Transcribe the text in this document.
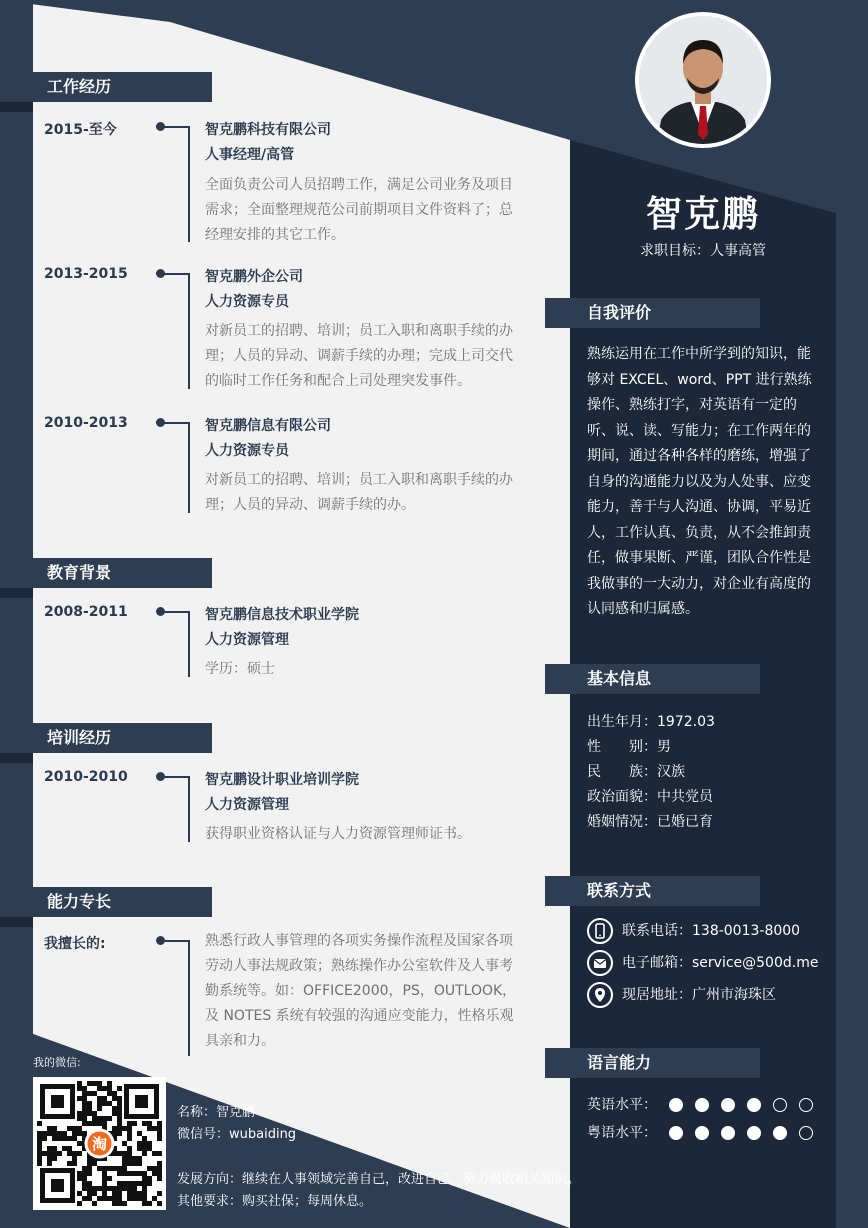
工作经历
2015-至今	智克鹏科技有限公司
人事经理/高管
全面负责公司人员招聘工作，满足公司业务及项目需求；全面整理规范公司前期项目文件资料了；总经理安排的其它工作。
2013-2015	智克鹏外企公司
人力资源专员
对新员工的招聘、培训；员工入职和离职手续的办理；人员的异动、调薪手续的办理；完成上司交代的临时工作任务和配合上司处理突发事件。
2010-2013	智克鹏信息有限公司
人力资源专员
对新员工的招聘、培训；员工入职和离职手续的办理；人员的异动、调薪手续的办。
教育背景
2008-2011	智克鹏信息技术职业学院
人力资源管理
学历：硕士
培训经历
2010-2010	智克鹏设计职业培训学院
人力资源管理
获得职业资格认证与人力资源管理师证书。
能力专长
我擅长的:	熟悉行政人事管理的各项实务操作流程及国家各项劳动人事法规政策；熟练操作办公室软件及人事考勤系统等。如：OFFICE2000，PS，OUTLOOK，及 NOTES 系统有较强的沟通应变能力，性格乐观具亲和力。
智克鹏
求职目标：人事高管
自我评价
熟练运用在工作中所学到的知识，能够对 EXCEL、word、PPT 进行熟练操作、熟练打字，对英语有一定的听、说、读、写能力；在工作两年的期间，通过各种各样的磨练，增强了自身的沟通能力以及为人处事、应变能力，善于与人沟通、协调，平易近人，工作认真、负责，从不会推卸责任，做事果断、严谨，团队合作性是我做事的一大动力，对企业有高度的认同感和归属感。
基本信息
出生年月：1972.03
性　　别：男
民　　族：汉族
政治面貌：中共党员
婚姻情况：已婚已育
联系方式
联系电话：138-0013-8000
电子邮箱：service@500d.me
现居地址：广州市海珠区
语言能力
英语水平：
粤语水平：
我的微信:
淘
名称：智克鹏
微信号：wubaiding
发展方向：继续在人事领域完善自己，改进自己，努力吸收相关知识。
其他要求：购买社保；每周休息。
